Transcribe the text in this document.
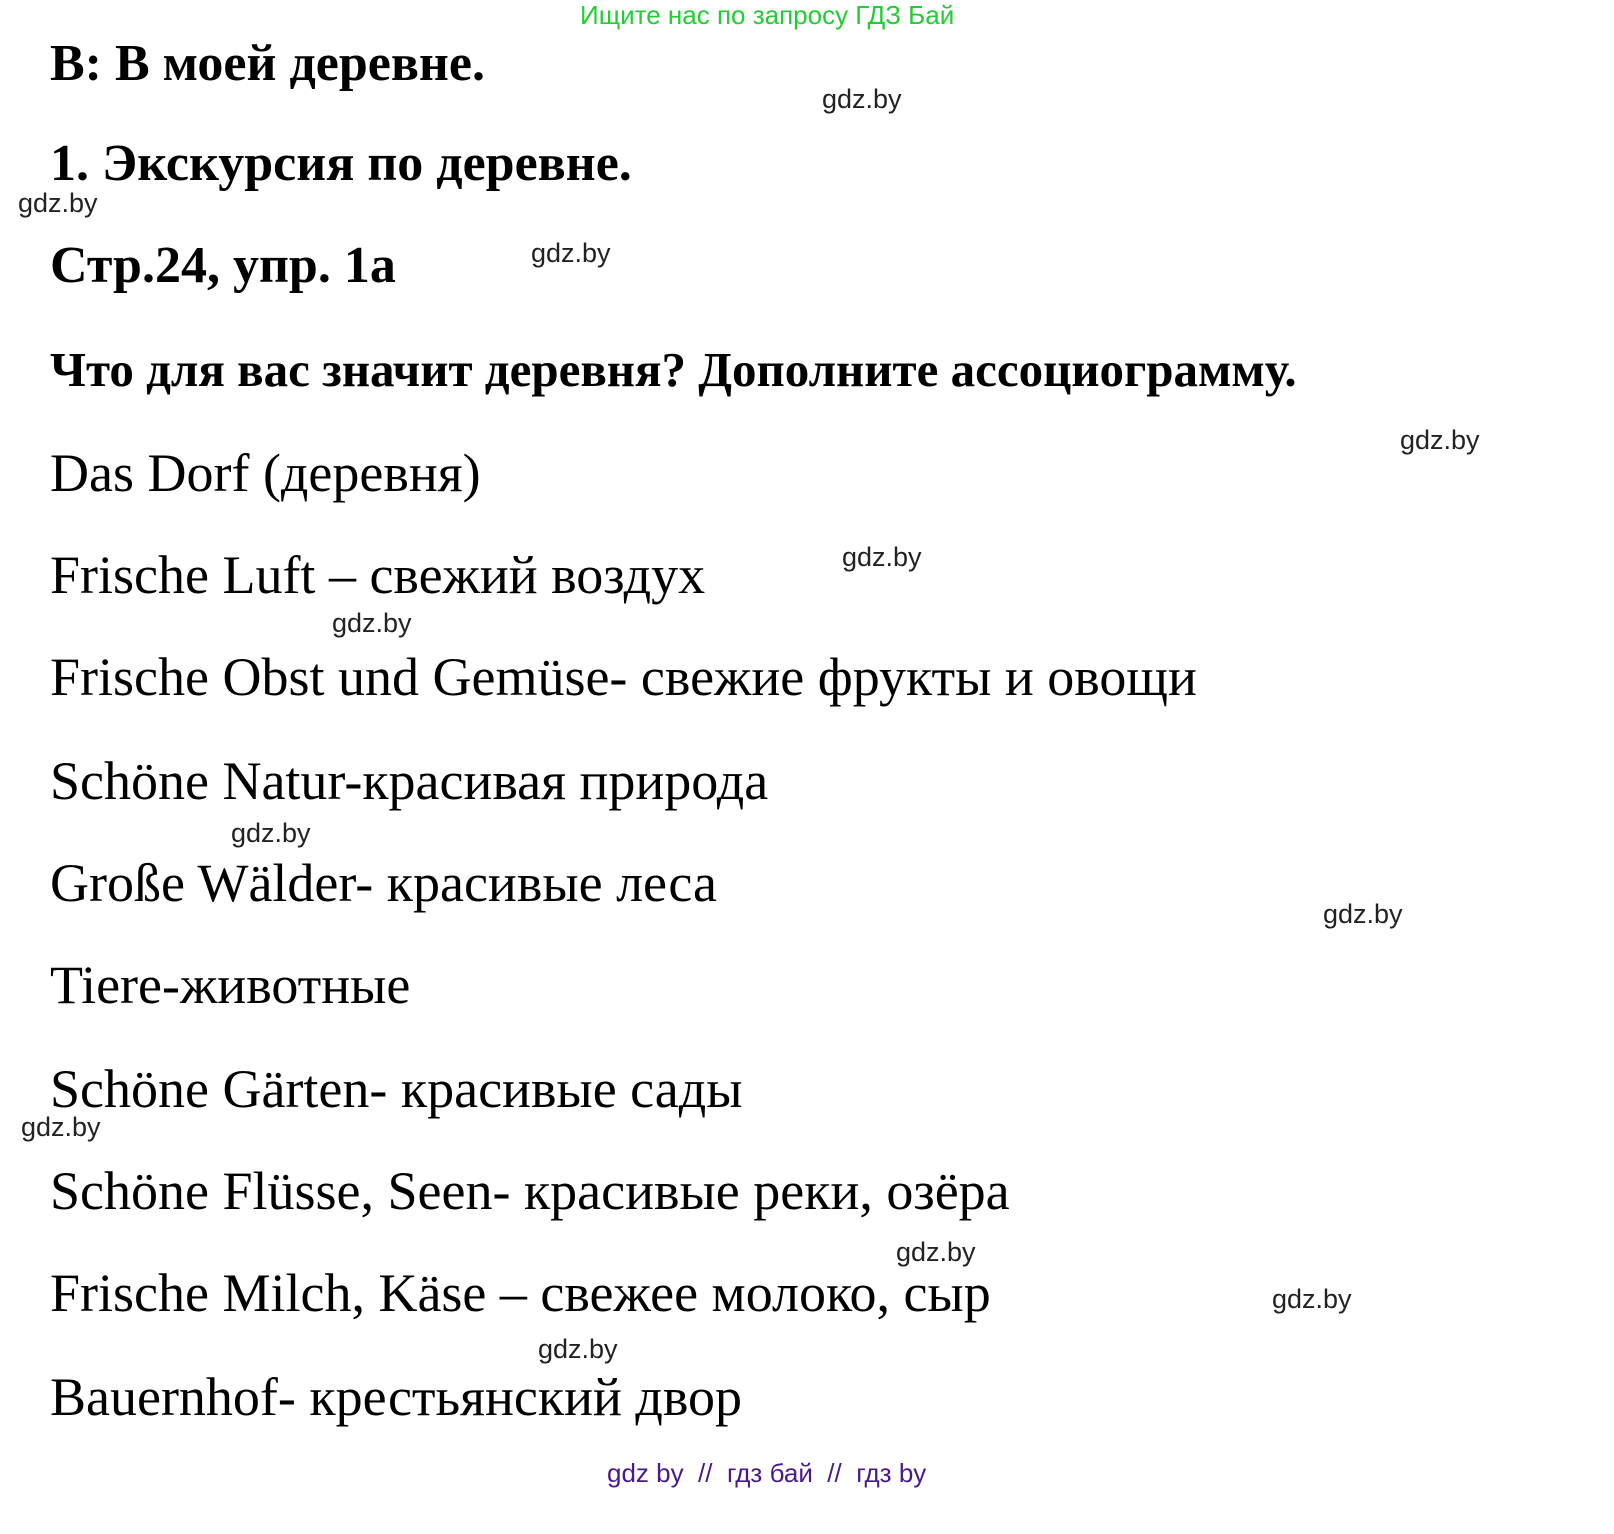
Ищите нас по запросу ГДЗ Бай
B: В моей деревне.
1. Экскурсия по деревне.
Стр.24, упр. 1а
Что для вас значит деревня? Дополните ассоциограмму.
Das Dorf (деревня)
Frische Luft – свежий воздух
Frische Obst und Gemüse- свежие фрукты и овощи
Schöne Natur-красивая природа
Große Wälder- красивые леса
Tiere-животные
Schöne Gärten- красивые сады
Schöne Flüsse, Seen- красивые реки, озёра
Frische Milch, Käse – свежее молоко, сыр
Bauernhof- крестьянский двор
gdz.by
gdz.by
gdz.by
gdz.by
gdz.by
gdz.by
gdz.by
gdz.by
gdz.by
gdz.by
gdz.by
gdz.by
gdz by  //  гдз бай  //  гдз by
